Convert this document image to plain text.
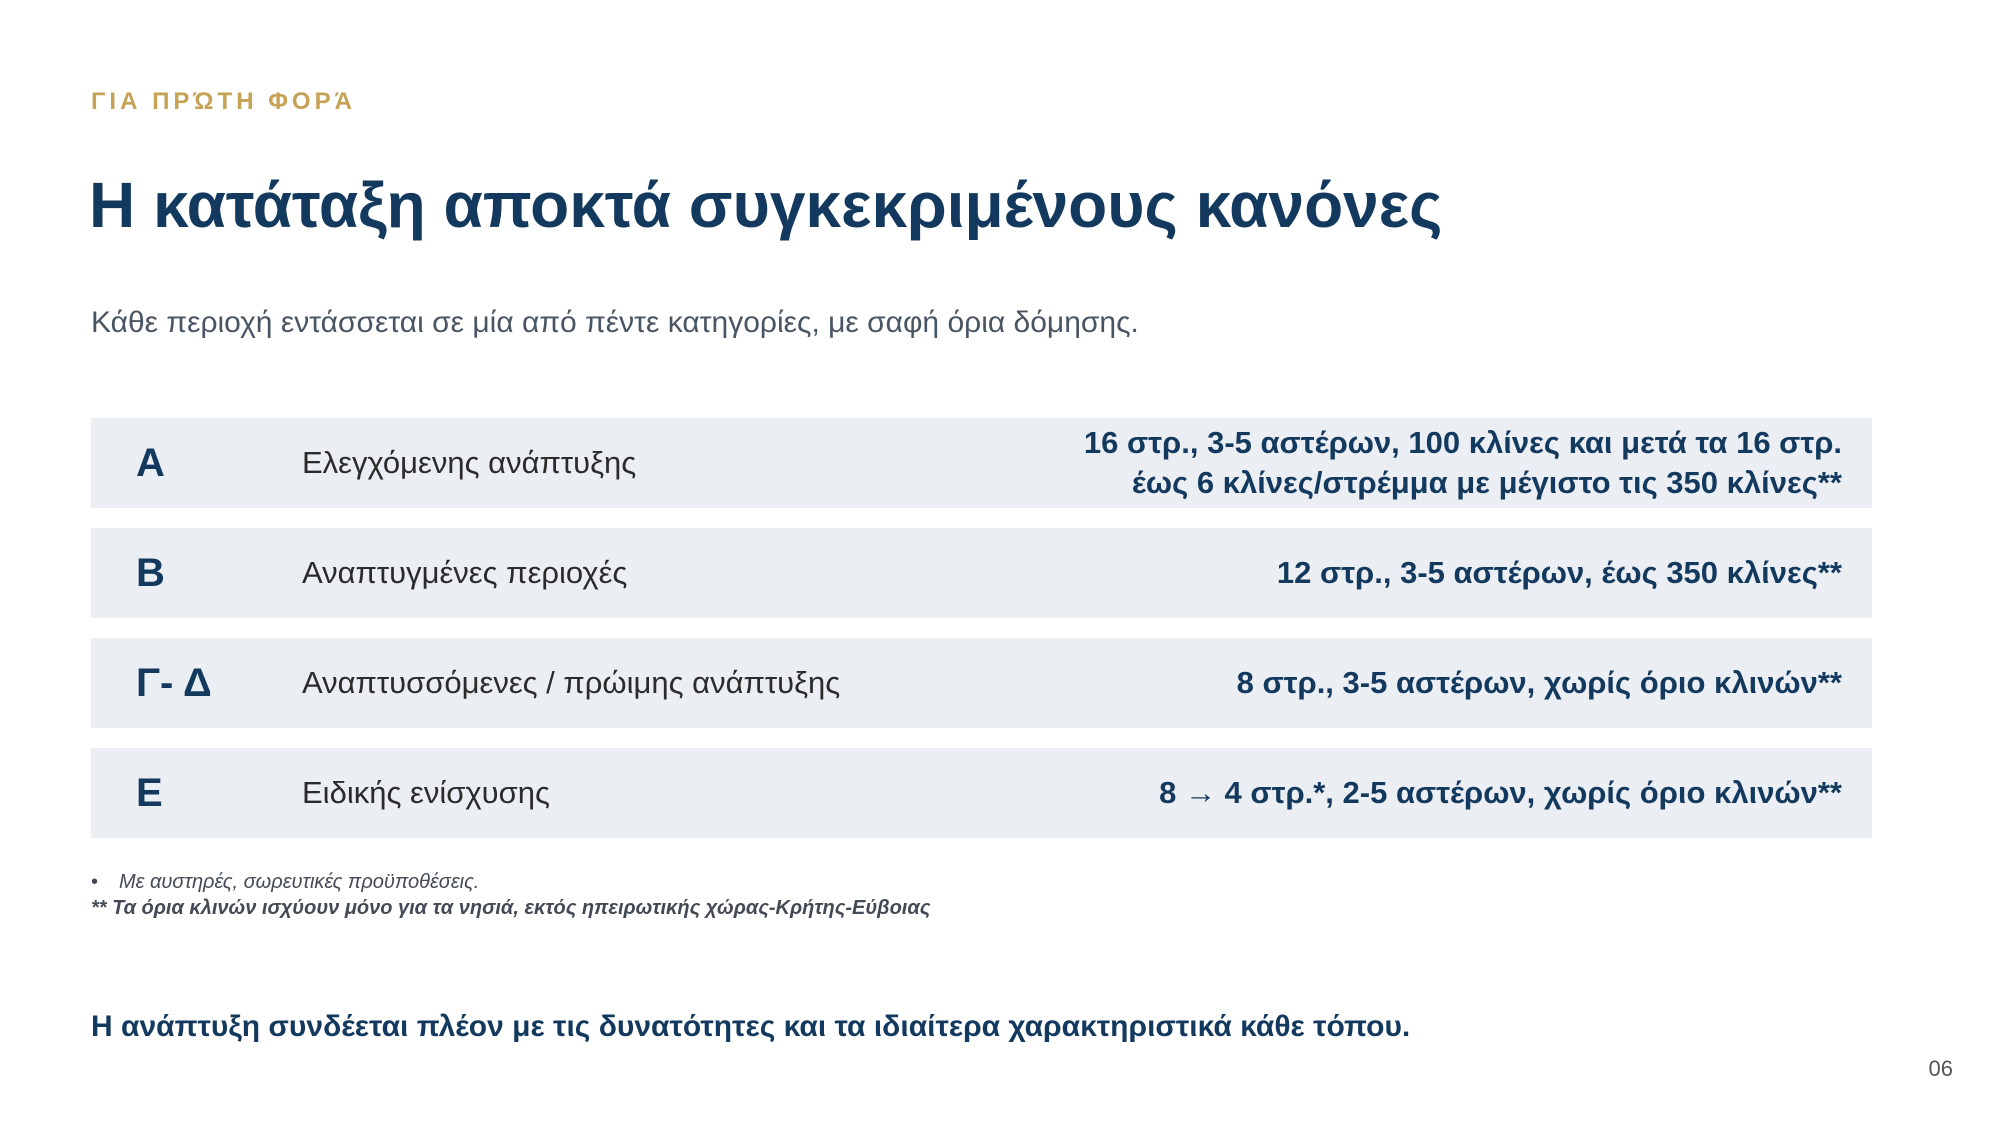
ΓΙΑ ΠΡΏΤΗ ΦΟΡΆ
Η κατάταξη αποκτά συγκεκριμένους κανόνες
Κάθε περιοχή εντάσσεται σε μία από πέντε κατηγορίες, με σαφή όρια δόμησης.
A	Ελεγχόμενης ανάπτυξης
16 στρ., 3-5 αστέρων, 100 κλίνες και μετά τα 16 στρ.
έως 6 κλίνες/στρέμμα με μέγιστο τις 350 κλίνες**
B	Αναπτυγμένες περιοχές	12 στρ., 3-5 αστέρων, έως 350 κλίνες**
Γ- Δ	Αναπτυσσόμενες / πρώιμης ανάπτυξης	8 στρ., 3-5 αστέρων, χωρίς όριο κλινών**
E	Ειδικής ενίσχυσης	8 → 4 στρ.*, 2-5 αστέρων, χωρίς όριο κλινών**
• Με αυστηρές, σωρευτικές προϋποθέσεις.
** Τα όρια κλινών ισχύουν μόνο για τα νησιά, εκτός ηπειρωτικής χώρας-Κρήτης-Εύβοιας
Η ανάπτυξη συνδέεται πλέον με τις δυνατότητες και τα ιδιαίτερα χαρακτηριστικά κάθε τόπου.
06
